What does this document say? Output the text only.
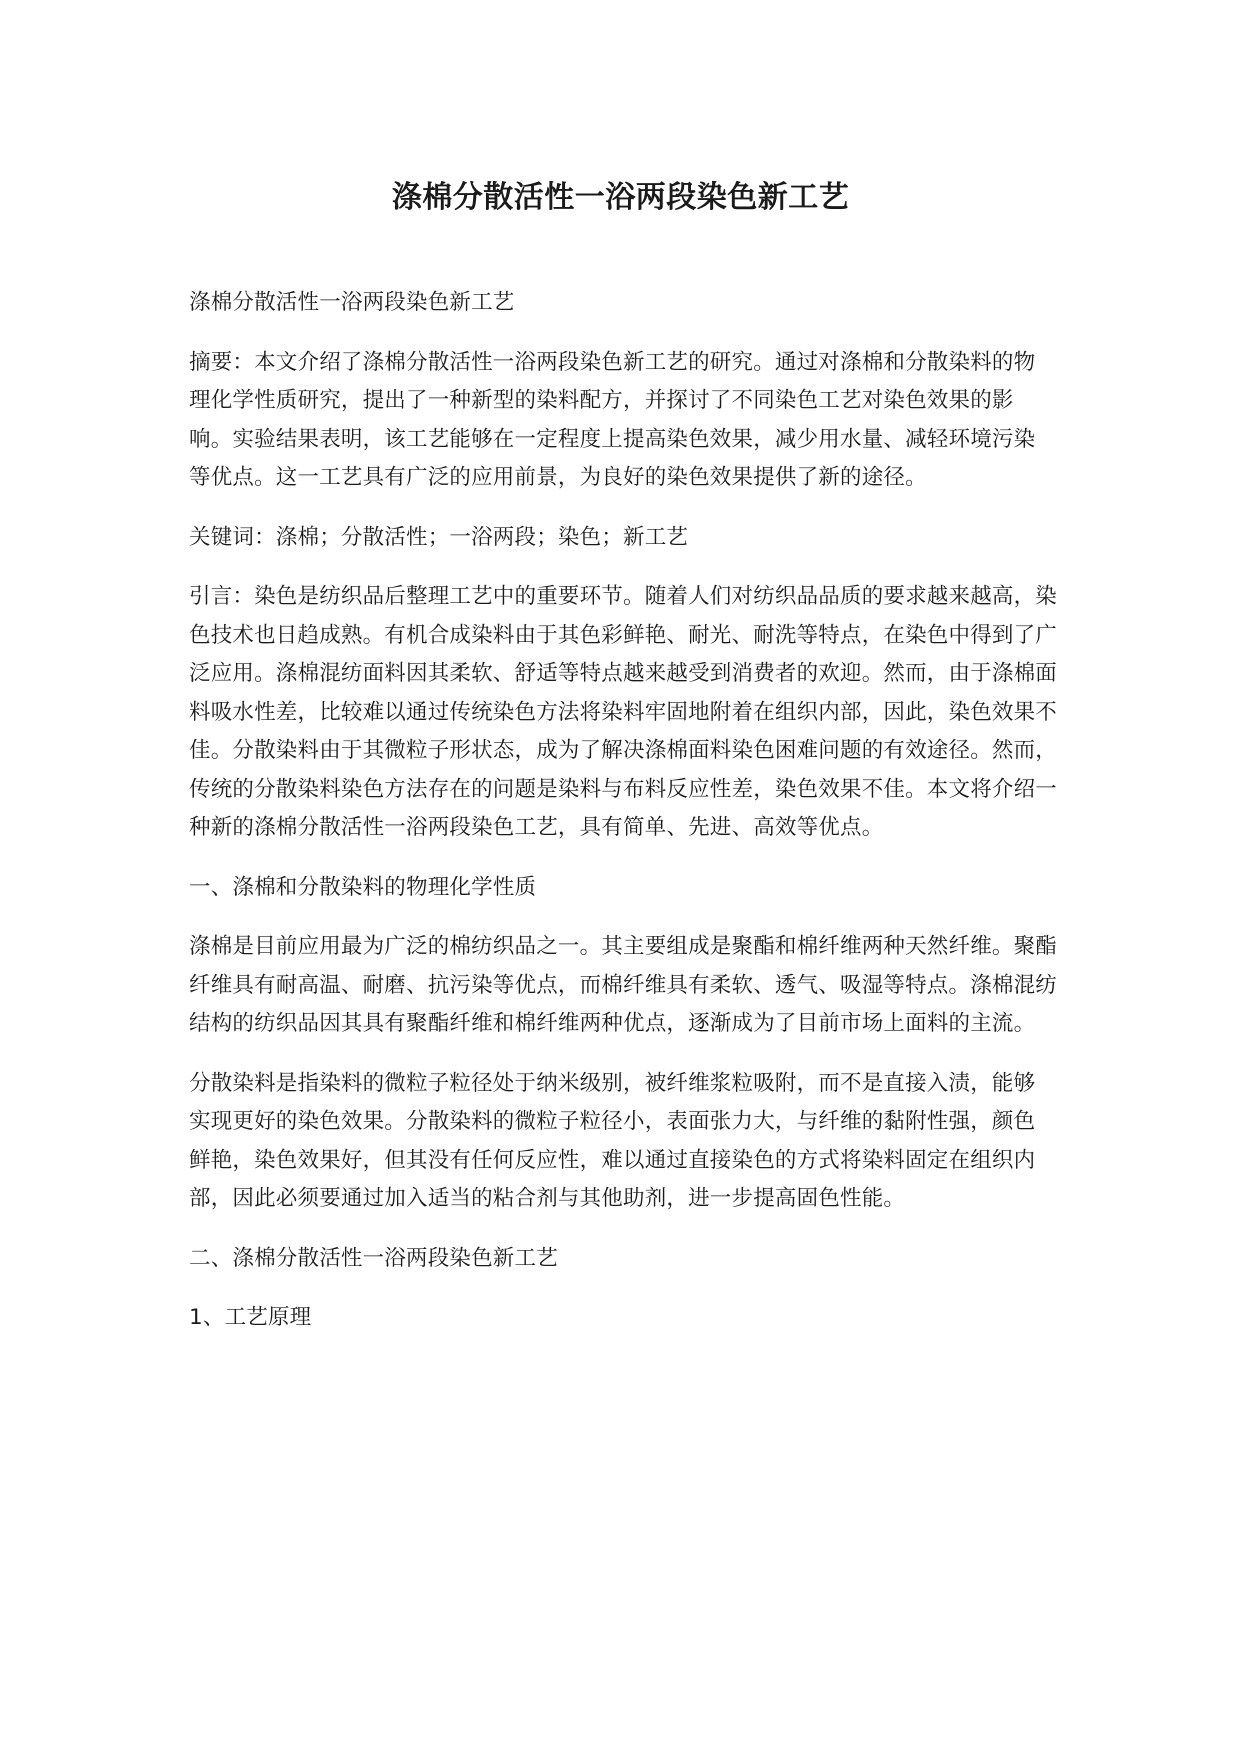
涤棉分散活性一浴两段染色新工艺

涤棉分散活性一浴两段染色新工艺

摘要：本文介绍了涤棉分散活性一浴两段染色新工艺的研究。通过对涤棉和分散染料的物理化学性质研究，提出了一种新型的染料配方，并探讨了不同染色工艺对染色效果的影响。实验结果表明，该工艺能够在一定程度上提高染色效果，减少用水量、减轻环境污染等优点。这一工艺具有广泛的应用前景，为良好的染色效果提供了新的途径。

关键词：涤棉；分散活性；一浴两段；染色；新工艺

引言：染色是纺织品后整理工艺中的重要环节。随着人们对纺织品品质的要求越来越高，染色技术也日趋成熟。有机合成染料由于其色彩鲜艳、耐光、耐洗等特点，在染色中得到了广泛应用。涤棉混纺面料因其柔软、舒适等特点越来越受到消费者的欢迎。然而，由于涤棉面料吸水性差，比较难以通过传统染色方法将染料牢固地附着在组织内部，因此，染色效果不佳。分散染料由于其微粒子形状态，成为了解决涤棉面料染色困难问题的有效途径。然而，传统的分散染料染色方法存在的问题是染料与布料反应性差，染色效果不佳。本文将介绍一种新的涤棉分散活性一浴两段染色工艺，具有简单、先进、高效等优点。

一、涤棉和分散染料的物理化学性质

涤棉是目前应用最为广泛的棉纺织品之一。其主要组成是聚酯和棉纤维两种天然纤维。聚酯纤维具有耐高温、耐磨、抗污染等优点，而棉纤维具有柔软、透气、吸湿等特点。涤棉混纺结构的纺织品因其具有聚酯纤维和棉纤维两种优点，逐渐成为了目前市场上面料的主流。

分散染料是指染料的微粒子粒径处于纳米级别，被纤维浆粒吸附，而不是直接入渍，能够实现更好的染色效果。分散染料的微粒子粒径小，表面张力大，与纤维的黏附性强，颜色鲜艳，染色效果好，但其没有任何反应性，难以通过直接染色的方式将染料固定在组织内部，因此必须要通过加入适当的粘合剂与其他助剂，进一步提高固色性能。

二、涤棉分散活性一浴两段染色新工艺

1、工艺原理
